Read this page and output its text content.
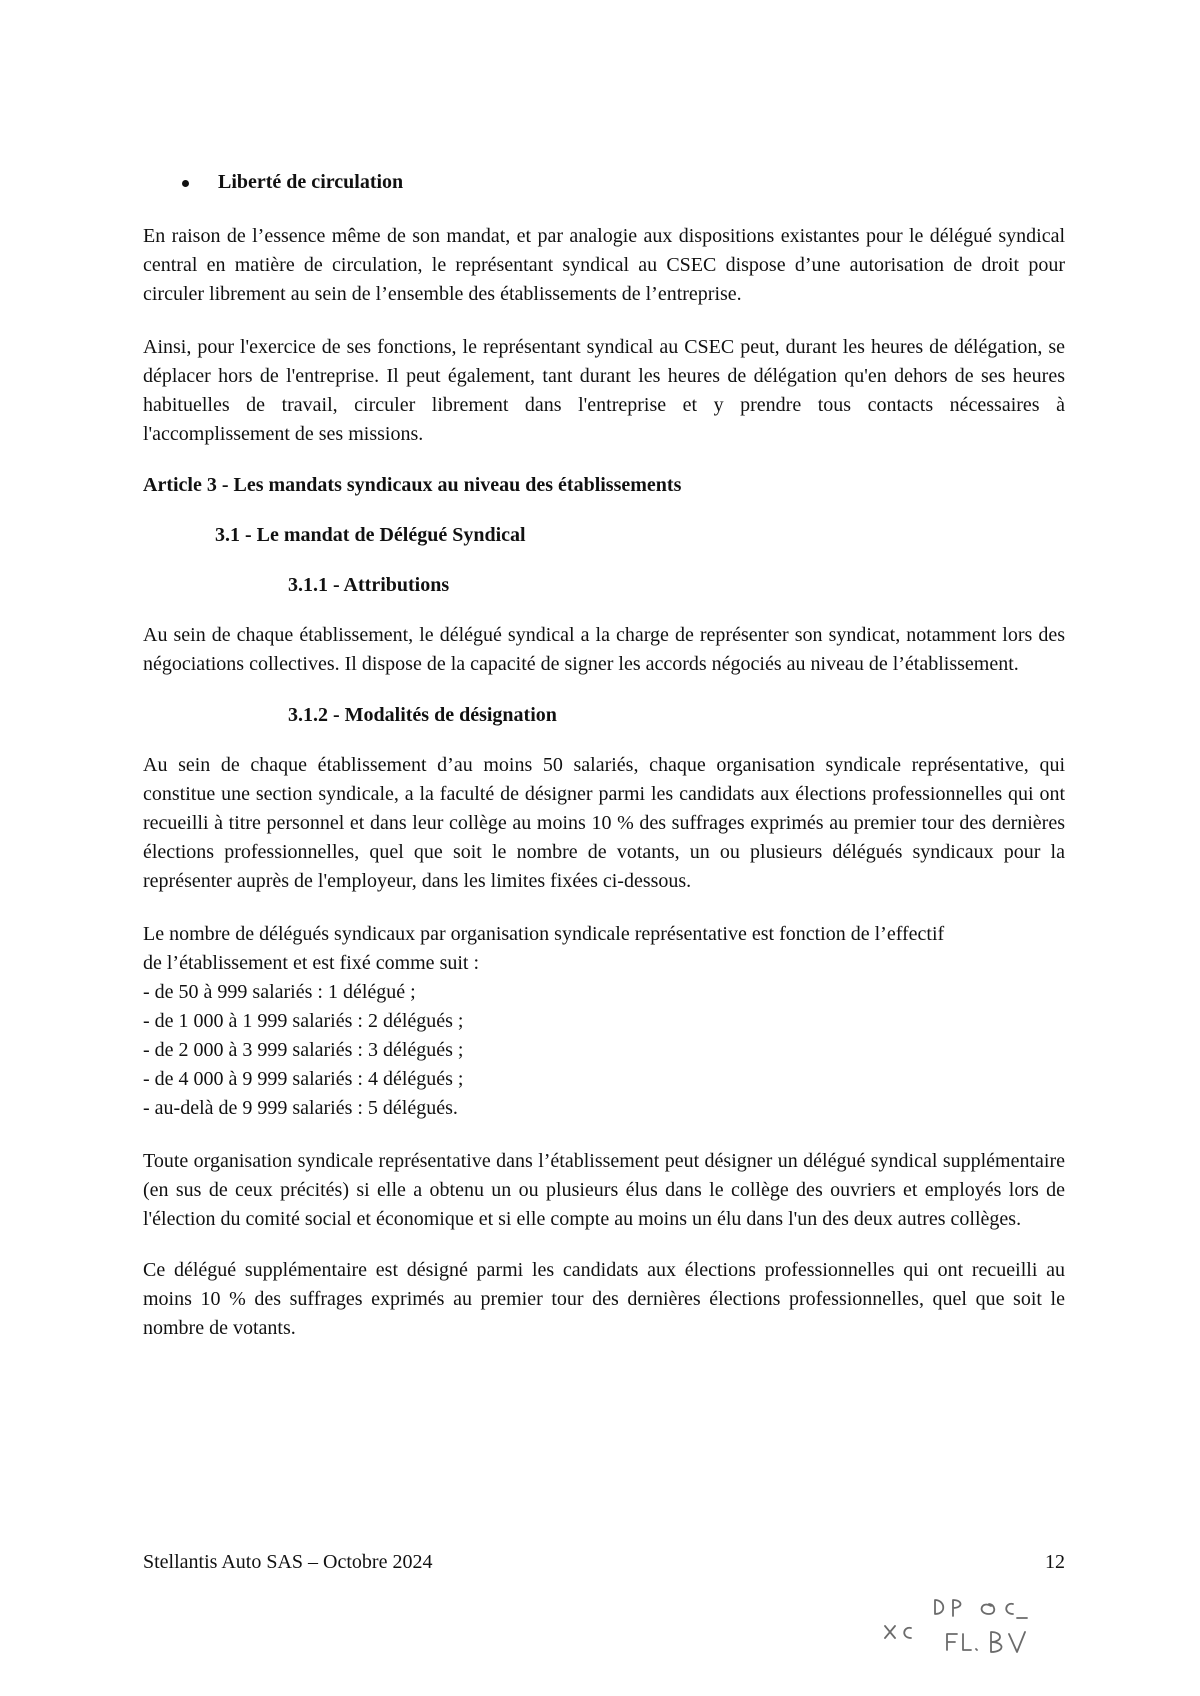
Liberté de circulation

En raison de l’essence même de son mandat, et par analogie aux dispositions existantes pour le délégué syndical central en matière de circulation, le représentant syndical au CSEC dispose d’une autorisation de droit pour circuler librement au sein de l’ensemble des établissements de l’entreprise.

Ainsi, pour l'exercice de ses fonctions, le représentant syndical au CSEC peut, durant les heures de délégation, se déplacer hors de l'entreprise. Il peut également, tant durant les heures de délégation qu'en dehors de ses heures habituelles de travail, circuler librement dans l'entreprise et y prendre tous contacts nécessaires à l'accomplissement de ses missions.

Article 3 - Les mandats syndicaux au niveau des établissements
3.1 - Le mandat de Délégué Syndical
3.1.1 - Attributions

Au sein de chaque établissement, le délégué syndical a la charge de représenter son syndicat, notamment lors des négociations collectives. Il dispose de la capacité de signer les accords négociés au niveau de l’établissement.

3.1.2 - Modalités de désignation

Au sein de chaque établissement d’au moins 50 salariés, chaque organisation syndicale représentative, qui constitue une section syndicale, a la faculté de désigner parmi les candidats aux élections professionnelles qui ont recueilli à titre personnel et dans leur collège au moins 10 % des suffrages exprimés au premier tour des dernières élections professionnelles, quel que soit le nombre de votants, un ou plusieurs délégués syndicaux pour la représenter auprès de l'employeur, dans les limites fixées ci-dessous.

Le nombre de délégués syndicaux par organisation syndicale représentative est fonction de l’effectif
de l’établissement et est fixé comme suit :
- de 50 à 999 salariés : 1 délégué ;
- de 1 000 à 1 999 salariés : 2 délégués ;
- de 2 000 à 3 999 salariés : 3 délégués ;
- de 4 000 à 9 999 salariés : 4 délégués ;
- au-delà de 9 999 salariés : 5 délégués.

Toute organisation syndicale représentative dans l’établissement peut désigner un délégué syndical supplémentaire (en sus de ceux précités) si elle a obtenu un ou plusieurs élus dans le collège des ouvriers et employés lors de l'élection du comité social et économique et si elle compte au moins un élu dans l'un des deux autres collèges.

Ce délégué supplémentaire est désigné parmi les candidats aux élections professionnelles qui ont recueilli au moins 10 % des suffrages exprimés au premier tour des dernières élections professionnelles, quel que soit le nombre de votants.

Stellantis Auto SAS – Octobre 2024	12
